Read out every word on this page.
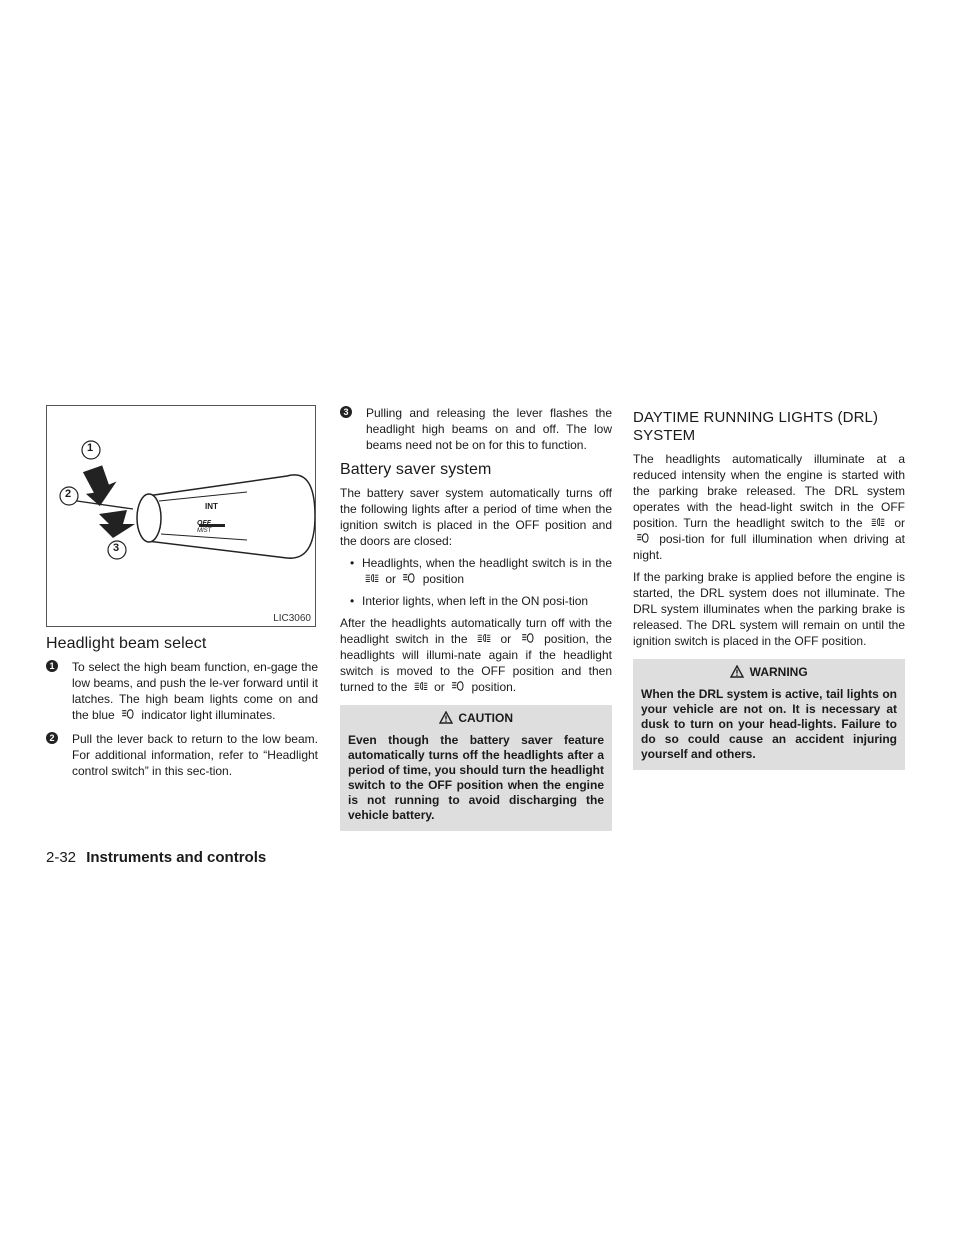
1
2
3
INT
OFF
MIST
LIC3060
Headlight beam select
1 To select the high beam function, en-gage the low beams, and push the le-ver forward until it latches. The high beam lights come on and the blue indicator light illuminates.
2 Pull the lever back to return to the low beam. For additional information, refer to “Headlight control switch” in this sec-tion.
3 Pulling and releasing the lever flashes the headlight high beams on and off. The low beams need not be on for this to function.
Battery saver system

The battery saver system automatically turns off the following lights after a period of time when the ignition switch is placed in the OFF position and the doors are closed:

• Headlights, when the headlight switch is in the  or position
• Interior lights, when left in the ON posi-tion

After the headlights automatically turn off with the headlight switch in the	or	position, the headlights will illumi-nate again if the headlight switch is moved to the OFF position and then turned to the or position.

CAUTION
Even though the battery saver feature automatically turns off the headlights after a period of time, you should turn the headlight switch to the OFF position when the engine is not running to avoid discharging the vehicle battery.
DAYTIME RUNNING LIGHTS (DRL) SYSTEM

The headlights automatically illuminate at a reduced intensity when the engine is started with the parking brake released. The DRL system operates with the head-light switch in the OFF position. Turn the headlight switch to the	or  posi-tion for full illumination when driving at night.

If the parking brake is applied before the engine is started, the DRL system does not illuminate. The DRL system illuminates when the parking brake is released. The DRL system will remain on until the ignition switch is placed in the OFF position.

WARNING
When the DRL system is active, tail lights on your vehicle are not on. It is necessary at dusk to turn on your head-lights. Failure to do so could cause an accident injuring yourself and others.
2-32 Instruments and controls
